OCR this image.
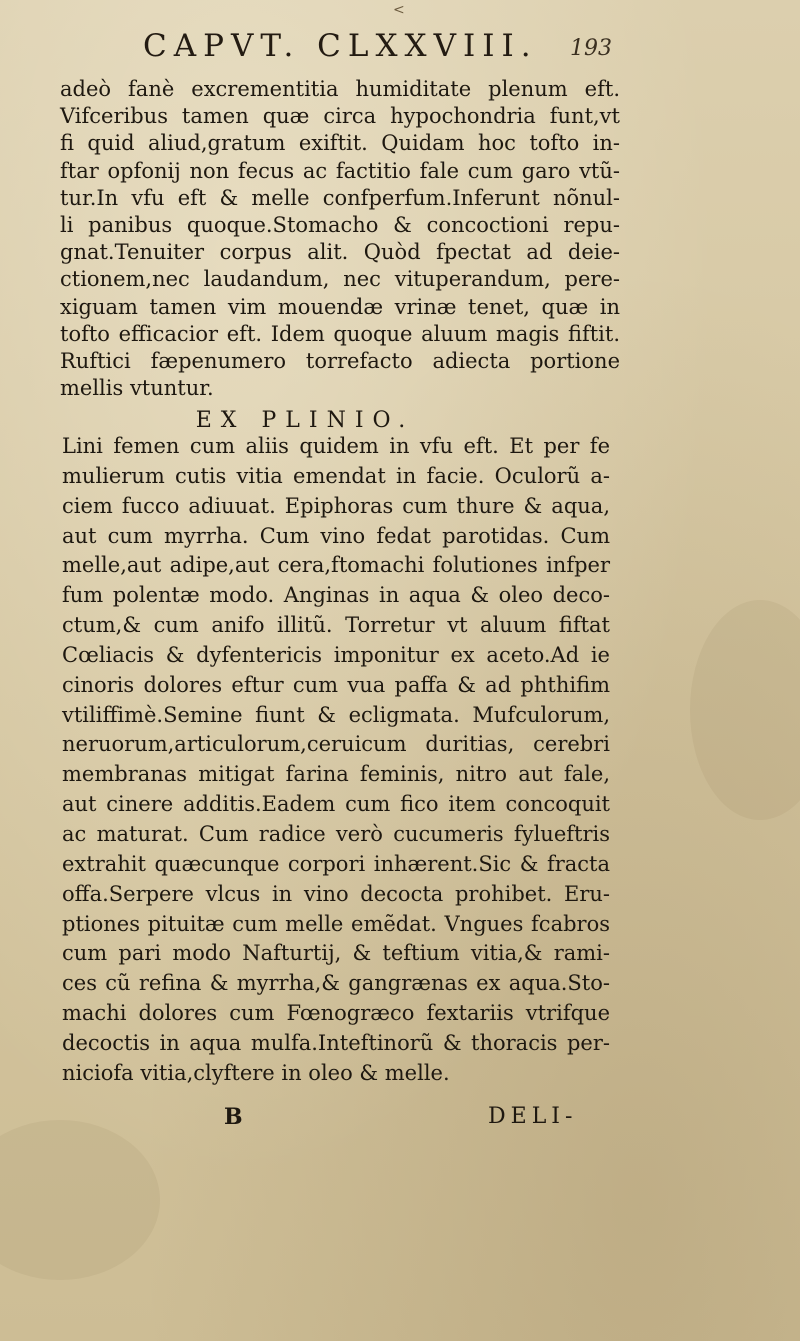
<
CAPVT. CLXXVIII. 193
adeò fanè excrementitia humiditate plenum eft.
Vifceribus tamen quæ circa hypochondria funt,vt
fi quid aliud,gratum exiftit. Quidam hoc tofto in-
ftar opfonij non fecus ac factitio fale cum garo vtũ-
tur.In vfu eft & melle confperfum.Inferunt nõnul-
li panibus quoque.Stomacho & concoctioni repu-
gnat.Tenuiter corpus alit. Quòd fpectat ad deie-
ctionem,nec laudandum, nec vituperandum, pere-
xiguam tamen vim mouendæ vrinæ tenet, quæ in
tofto efficacior eft. Idem quoque aluum magis fiftit.
Ruftici fæpenumero torrefacto adiecta portione
mellis vtuntur.
EX PLINIO.
Lini femen cum aliis quidem in vfu eft. Et per fe
mulierum cutis vitia emendat in facie. Oculorũ a-
ciem fucco adiuuat. Epiphoras cum thure & aqua,
aut cum myrrha. Cum vino fedat parotidas. Cum
melle,aut adipe,aut cera,ftomachi folutiones infper
fum polentæ modo. Anginas in aqua & oleo deco-
ctum,& cum anifo illitũ. Torretur vt aluum fiftat
Cœliacis & dyfentericis imponitur ex aceto.Ad ie
cinoris dolores eftur cum vua paffa & ad phthifim
vtiliffimè.Semine fiunt & ecligmata. Mufculorum,
neruorum,articulorum,ceruicum duritias, cerebri
membranas mitigat farina feminis, nitro aut fale,
aut cinere additis.Eadem cum fico item concoquit
ac maturat. Cum radice verò cucumeris fylueftris
extrahit quæcunque corpori inhærent.Sic & fracta
offa.Serpere vlcus in vino decocta prohibet. Eru-
ptiones pituitæ cum melle emẽdat. Vngues fcabros
cum pari modo Nafturtij, & teftium vitia,& rami-
ces cũ refina & myrrha,& gangrænas ex aqua.Sto-
machi dolores cum Fœnogræco fextariis vtrifque
decoctis in aqua mulfa.Inteftinorũ & thoracis per-
niciofa vitia,clyftere in oleo & melle.
B	DELI-
